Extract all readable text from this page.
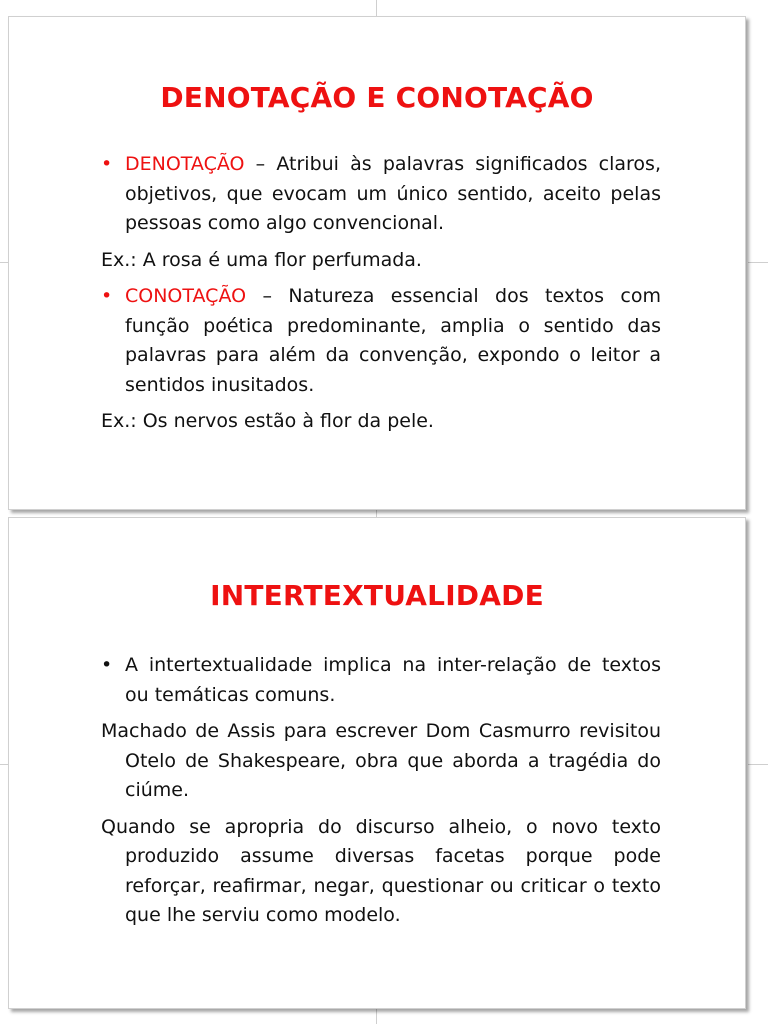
DENOTAÇÃO E CONOTAÇÃO

• DENOTAÇÃO – Atribui às palavras significados claros, objetivos, que evocam um único sentido, aceito pelas pessoas como algo convencional.

Ex.: A rosa é uma flor perfumada.

• CONOTAÇÃO – Natureza essencial dos textos com função poética predominante, amplia o sentido das palavras para além da convenção, expondo o leitor a sentidos inusitados.

Ex.: Os nervos estão à flor da pele.

INTERTEXTUALIDADE

• A intertextualidade implica na inter-relação de textos ou temáticas comuns.

Machado de Assis para escrever Dom Casmurro revisitou Otelo de Shakespeare, obra que aborda a tragédia do ciúme.

Quando se apropria do discurso alheio, o novo texto produzido assume diversas facetas porque pode reforçar, reafirmar, negar, questionar ou criticar o texto que lhe serviu como modelo.
